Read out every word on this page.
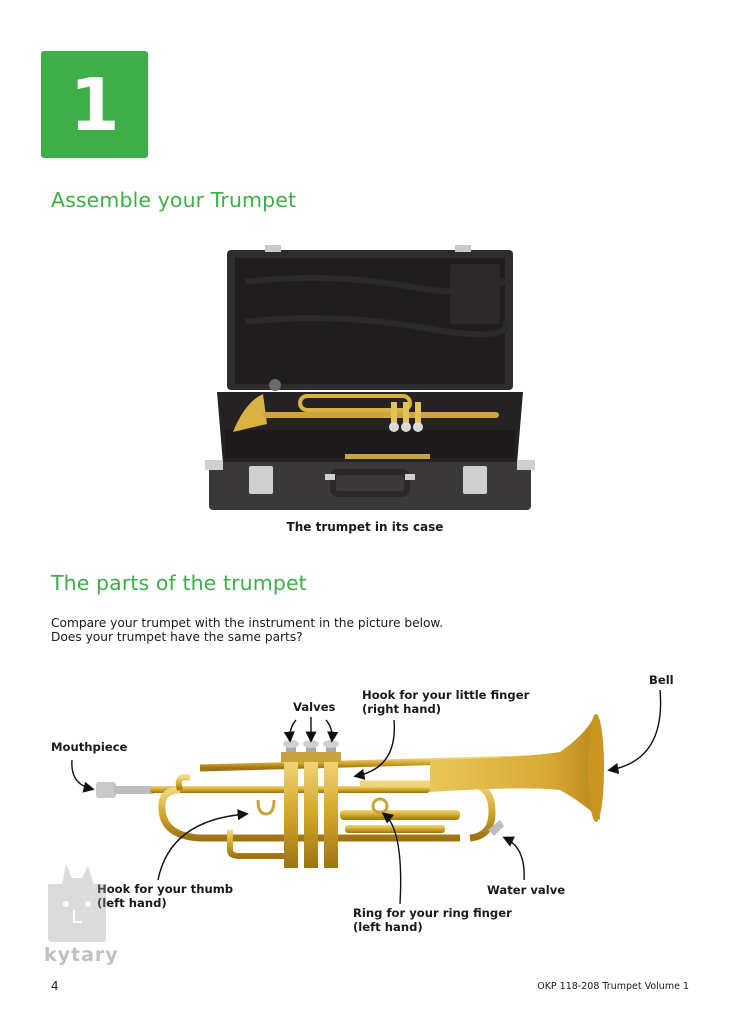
1
Assemble your Trumpet
The trumpet in its case
The parts of the trumpet
Compare your trumpet with the instrument in the picture below.
Does your trumpet have the same parts?
Mouthpiece
Valves
Hook for your little finger
(right hand)
Bell
Hook for your thumb
(left hand)
Ring for your ring finger
(left hand)
Water valve
kytary
4	OKP 118-208 Trumpet Volume 1
